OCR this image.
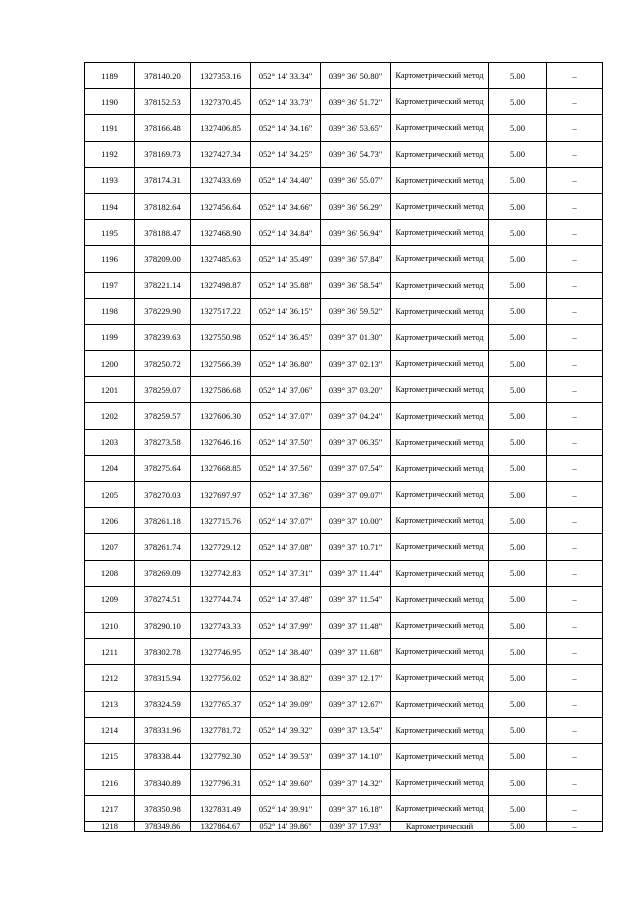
1189	378140.20	1327353.16	052° 14' 33.34"	039° 36' 50.80"	Картометрический метод	5.00	–
1190	378152.53	1327370.45	052° 14' 33.73"	039° 36' 51.72"	Картометрический метод	5.00	–
1191	378166.48	1327406.85	052° 14' 34.16"	039° 36' 53.65"	Картометрический метод	5.00	–
1192	378169.73	1327427.34	052° 14' 34.25"	039° 36' 54.73"	Картометрический метод	5.00	–
1193	378174.31	1327433.69	052° 14' 34.40"	039° 36' 55.07"	Картометрический метод	5.00	–
1194	378182.64	1327456.64	052° 14' 34.66"	039° 36' 56.29"	Картометрический метод	5.00	–
1195	378188.47	1327468.90	052° 14' 34.84"	039° 36' 56.94"	Картометрический метод	5.00	–
1196	378209.00	1327485.63	052° 14' 35.49"	039° 36' 57.84"	Картометрический метод	5.00	–
1197	378221.14	1327498.87	052° 14' 35.88"	039° 36' 58.54"	Картометрический метод	5.00	–
1198	378229.90	1327517.22	052° 14' 36.15"	039° 36' 59.52"	Картометрический метод	5.00	–
1199	378239.63	1327550.98	052° 14' 36.45"	039° 37' 01.30"	Картометрический метод	5.00	–
1200	378250.72	1327566.39	052° 14' 36.80"	039° 37' 02.13"	Картометрический метод	5.00	–
1201	378259.07	1327586.68	052° 14' 37.06"	039° 37' 03.20"	Картометрический метод	5.00	–
1202	378259.57	1327606.30	052° 14' 37.07"	039° 37' 04.24"	Картометрический метод	5.00	–
1203	378273.58	1327646.16	052° 14' 37.50"	039° 37' 06.35"	Картометрический метод	5.00	–
1204	378275.64	1327668.85	052° 14' 37.56"	039° 37' 07.54"	Картометрический метод	5.00	–
1205	378270.03	1327697.97	052° 14' 37.36"	039° 37' 09.07"	Картометрический метод	5.00	–
1206	378261.18	1327715.76	052° 14' 37.07"	039° 37' 10.00"	Картометрический метод	5.00	–
1207	378261.74	1327729.12	052° 14' 37.08"	039° 37' 10.71"	Картометрический метод	5.00	–
1208	378269.09	1327742.83	052° 14' 37.31"	039° 37' 11.44"	Картометрический метод	5.00	–
1209	378274.51	1327744.74	052° 14' 37.48"	039° 37' 11.54"	Картометрический метод	5.00	–
1210	378290.10	1327743.33	052° 14' 37.99"	039° 37' 11.48"	Картометрический метод	5.00	–
1211	378302.78	1327746.95	052° 14' 38.40"	039° 37' 11.68"	Картометрический метод	5.00	–
1212	378315.94	1327756.02	052° 14' 38.82"	039° 37' 12.17"	Картометрический метод	5.00	–
1213	378324.59	1327765.37	052° 14' 39.09"	039° 37' 12.67"	Картометрический метод	5.00	–
1214	378331.96	1327781.72	052° 14' 39.32"	039° 37' 13.54"	Картометрический метод	5.00	–
1215	378338.44	1327792.30	052° 14' 39.53"	039° 37' 14.10"	Картометрический метод	5.00	–
1216	378340.89	1327796.31	052° 14' 39.60"	039° 37' 14.32"	Картометрический метод	5.00	–
1217	378350.98	1327831.49	052° 14' 39.91"	039° 37' 16.18"	Картометрический метод	5.00	–
1218	378349.86	1327864.67	052° 14' 39.86"	039° 37' 17.93"	Картометрический	5.00	–
